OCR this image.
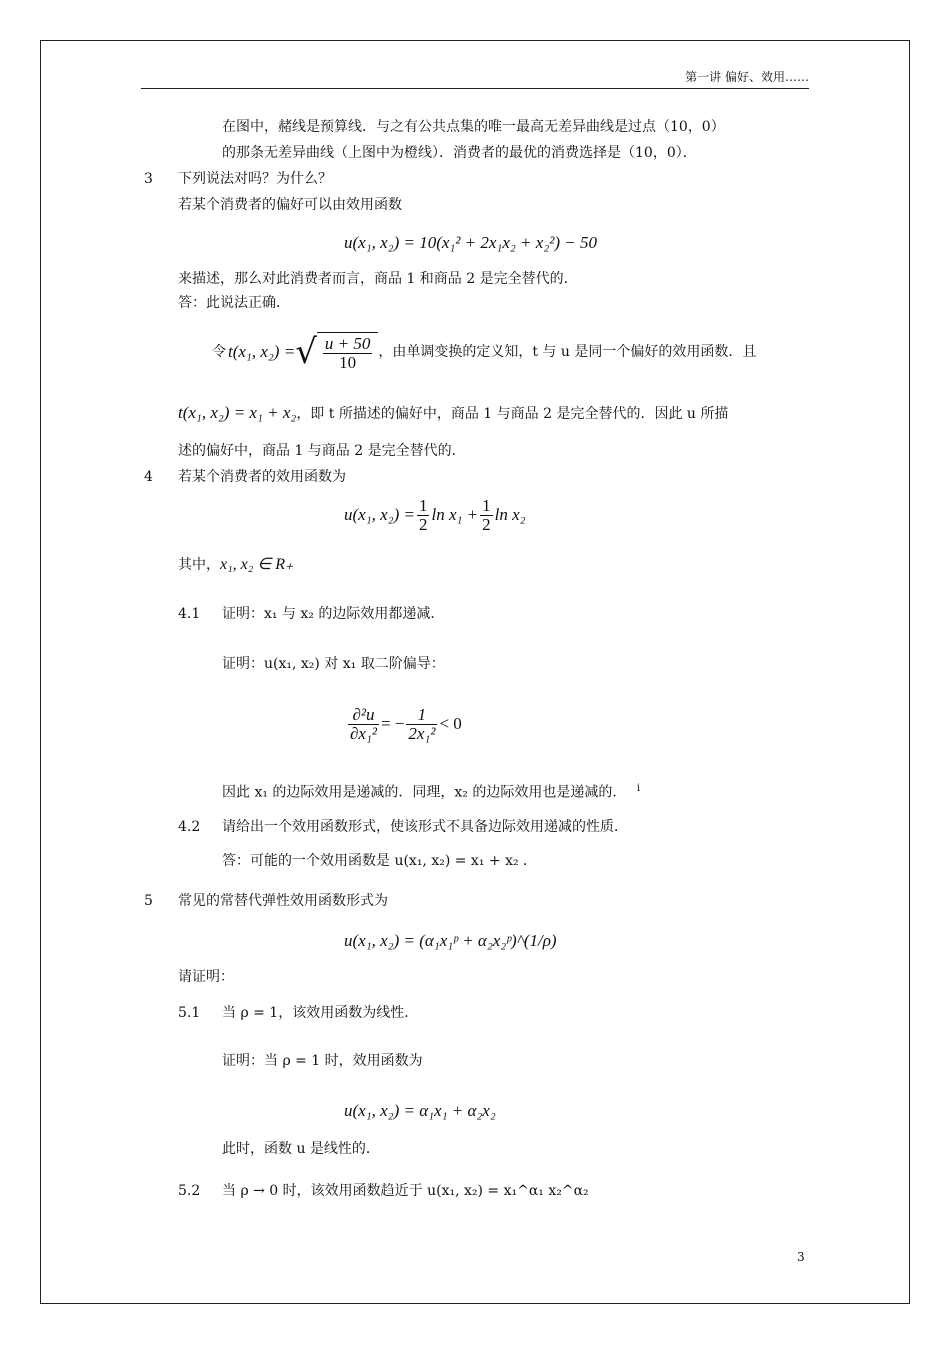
第一讲 偏好、效用……
在图中，赭线是预算线．与之有公共点集的唯一最高无差异曲线是过点（10，0）
的那条无差异曲线（上图中为橙线）．消费者的最优的消费选择是（10，0）．
3 下列说法对吗？为什么？
若某个消费者的偏好可以由效用函数
u(x₁, x₂) = 10(x₁² + 2x₁x₂ + x₂²) − 50
来描述，那么对此消费者而言，商品 1 和商品 2 是完全替代的．
答：此说法正确．
令 t(x₁, x₂) = √ $\frac{u + 50}{10}$ ，由单调变换的定义知，t 与 u 是同一个偏好的效用函数．且
t(x₁, x₂) = x₁ + x₂，即 t 所描述的偏好中，商品 1 与商品 2 是完全替代的．因此 u 所描
述的偏好中，商品 1 与商品 2 是完全替代的．
4 若某个消费者的效用函数为
u(x₁, $x_2) = \frac{1}{2}$ $\ln x_1 + \frac{1}{2}$ ln x₂
其中，x₁, x₂ ∈ R₊
4.1 证明：x₁ 与 x₂ 的边际效用都递减．
证明：u(x₁, x₂) 对 x₁ 取二阶偏导：
$\frac{\text{∂²u}}{\text{∂x₁²}}$ = − $\frac{1}{\text{2x₁²}} < 0$
因此 x₁ 的边际效用是递减的．同理，x₂ 的边际效用也是递减的． $^i$
4.2 请给出一个效用函数形式，使该形式不具备边际效用递减的性质．
答：可能的一个效用函数是 u(x₁, x₂) = x₁ + x₂ ．
5 常见的常替代弹性效用函数形式为
u(x₁, x₂) = (α₁x₁ᵖ + α₂x₂ᵖ)^(1/ρ)
请证明：
5.1 当 ρ = 1，该效用函数为线性．
证明：当 ρ = 1 时，效用函数为
u(x₁, x₂) = α₁x₁ + α₂x₂
此时，函数 u 是线性的．
5.2 当 ρ → 0 时，该效用函数趋近于 u(x₁, x₂) = x₁^α₁ x₂^α₂
3
